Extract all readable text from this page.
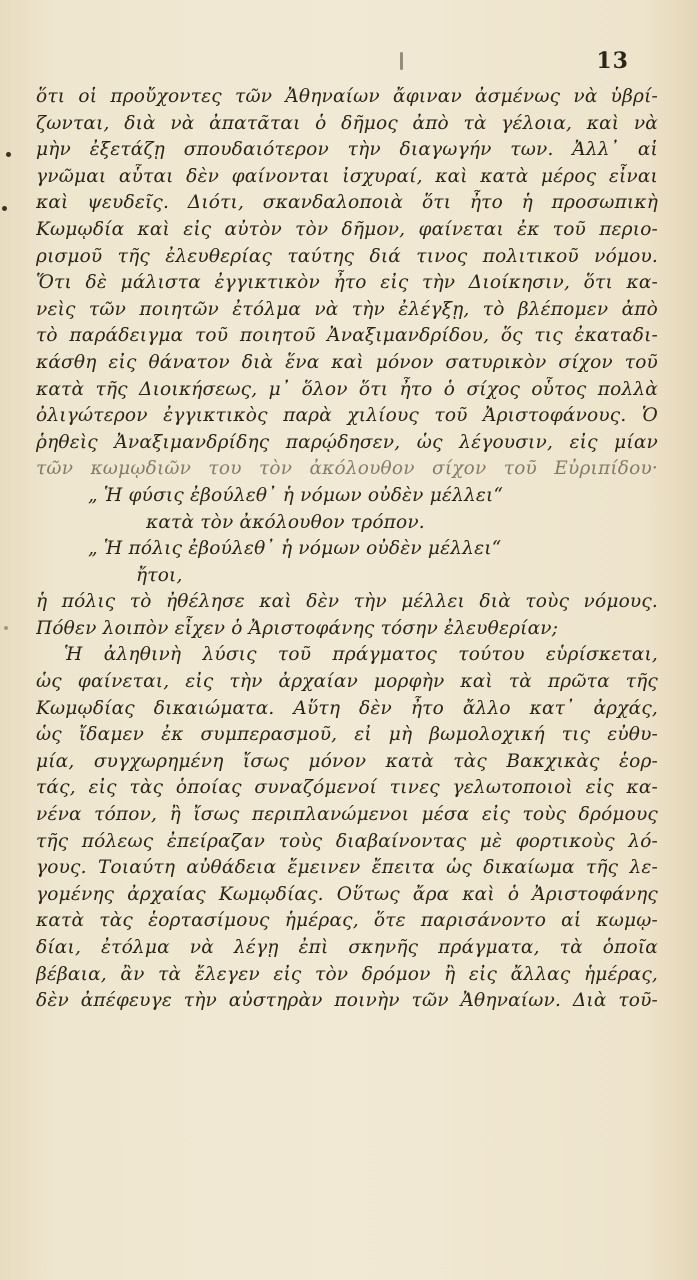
13
ὅτι οἱ προὔχοντες τῶν Ἀθηναίων ἄφιναν ἀσμένως νὰ ὑβρί-
ζωνται, διὰ νὰ ἀπατᾶται ὁ δῆμος ἀπὸ τὰ γέλοια, καὶ νὰ
μὴν ἐξετάζῃ σπουδαιότερον τὴν διαγωγήν των. Ἀλλ᾽ αἱ
γνῶμαι αὗται δὲν φαίνονται ἰσχυραί, καὶ κατὰ μέρος εἶναι
καὶ ψευδεῖς. Διότι, σκανδαλοποιὰ ὅτι ἦτο ἡ προσωπικὴ
Κωμῳδία καὶ εἰς αὐτὸν τὸν δῆμον, φαίνεται ἐκ τοῦ περιο-
ρισμοῦ τῆς ἐλευθερίας ταύτης διά τινος πολιτικοῦ νόμου.
Ὅτι δὲ μάλιστα ἐγγικτικὸν ἦτο εἰς τὴν Διοίκησιν, ὅτι κα-
νεὶς τῶν ποιητῶν ἐτόλμα νὰ τὴν ἐλέγξῃ, τὸ βλέπομεν ἀπὸ
τὸ παράδειγμα τοῦ ποιητοῦ Ἀναξιμανδρίδου, ὅς τις ἐκαταδι-
κάσθη εἰς θάνατον διὰ ἕνα καὶ μόνον σατυρικὸν σίχον τοῦ
κατὰ τῆς Διοικήσεως, μ᾽ ὅλον ὅτι ἦτο ὁ σίχος οὗτος πολλὰ
ὀλιγώτερον ἐγγικτικὸς παρὰ χιλίους τοῦ Ἀριστοφάνους. Ὁ
ῥηθεὶς Ἀναξιμανδρίδης παρῴδησεν, ὡς λέγουσιν, εἰς μίαν
τῶν κωμῳδιῶν του τὸν ἀκόλουθον σίχον τοῦ Εὐριπίδου·
„ Ἡ φύσις ἐβούλεθ᾽ ἡ νόμων οὐδὲν μέλλει“
κατὰ τὸν ἀκόλουθον τρόπον.
„ Ἡ πόλις ἐβούλεθ᾽ ἡ νόμων οὐδὲν μέλλει“
ἤτοι,
ἡ πόλις τὸ ἠθέλησε καὶ δὲν τὴν μέλλει διὰ τοὺς νόμους.
Πόθεν λοιπὸν εἶχεν ὁ Ἀριστοφάνης τόσην ἐλευθερίαν;
Ἡ ἀληθινὴ λύσις τοῦ πράγματος τούτου εὑρίσκεται,
ὡς φαίνεται, εἰς τὴν ἀρχαίαν μορφὴν καὶ τὰ πρῶτα τῆς
Κωμῳδίας δικαιώματα. Αὕτη δὲν ἦτο ἄλλο κατ᾽ ἀρχάς,
ὡς ἴδαμεν ἐκ συμπερασμοῦ, εἰ μὴ βωμολοχική τις εὐθυ-
μία, συγχωρημένη ἴσως μόνον κατὰ τὰς Βακχικὰς ἑορ-
τάς, εἰς τὰς ὁποίας συναζόμενοί τινες γελωτοποιοὶ εἰς κα-
νένα τόπον, ἢ ἴσως περιπλανώμενοι μέσα εἰς τοὺς δρόμους
τῆς πόλεως ἐπείραζαν τοὺς διαβαίνοντας μὲ φορτικοὺς λό-
γους. Τοιαύτη αὐθάδεια ἔμεινεν ἔπειτα ὡς δικαίωμα τῆς λε-
γομένης ἀρχαίας Κωμῳδίας. Οὕτως ἄρα καὶ ὁ Ἀριστοφάνης
κατὰ τὰς ἑορτασίμους ἡμέρας, ὅτε παρισάνοντο αἱ κωμῳ-
δίαι, ἐτόλμα νὰ λέγῃ ἐπὶ σκηνῆς πράγματα, τὰ ὁποῖα
βέβαια, ἂν τὰ ἔλεγεν εἰς τὸν δρόμον ἢ εἰς ἄλλας ἡμέρας,
δὲν ἀπέφευγε τὴν αὐστηρὰν ποινὴν τῶν Ἀθηναίων. Διὰ τοῦ-
